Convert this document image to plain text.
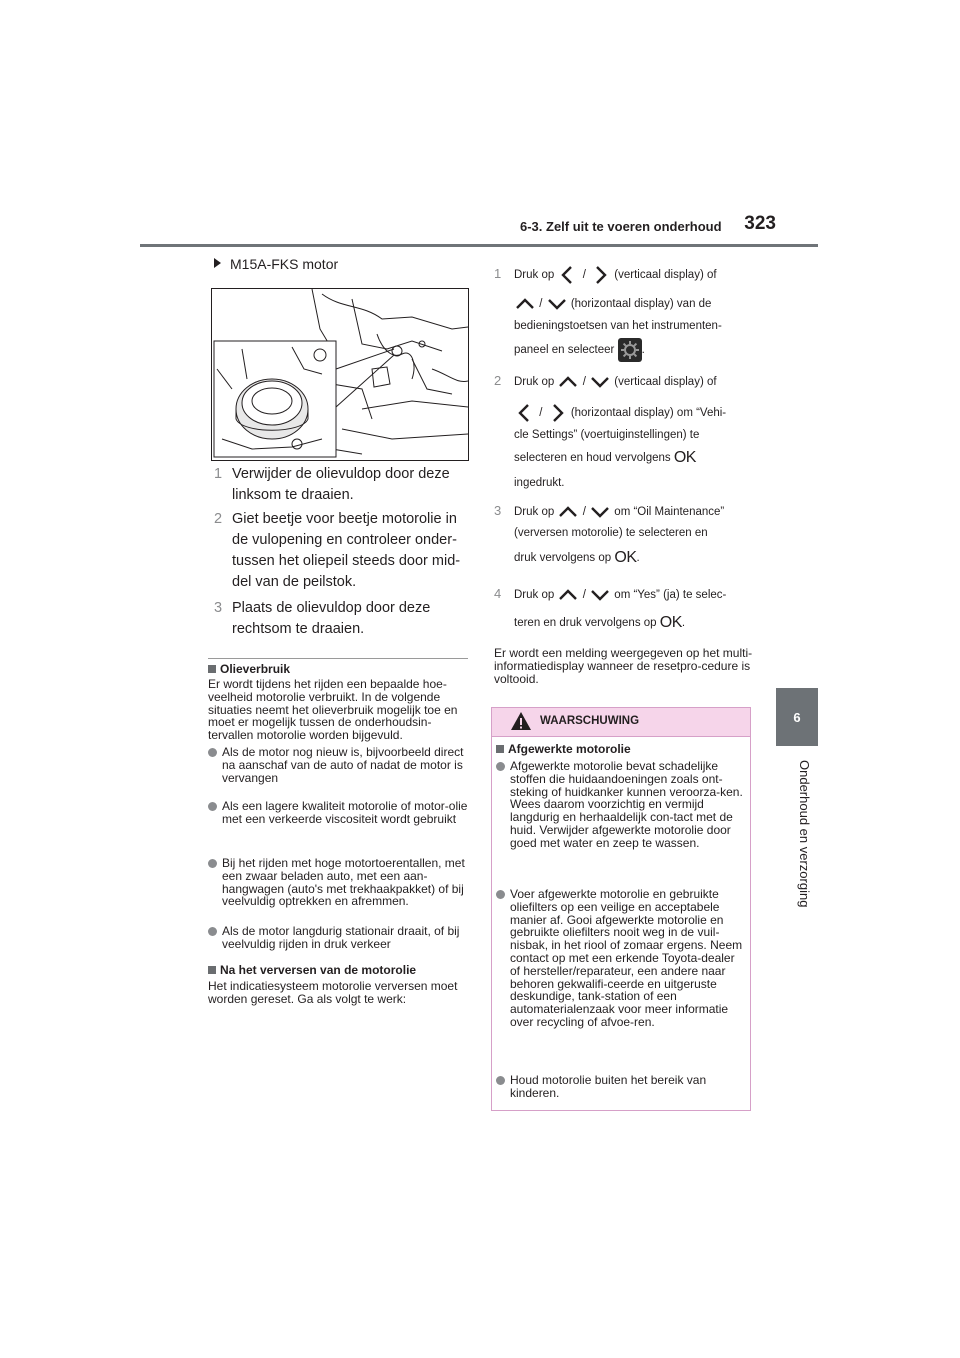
6-3. Zelf uit te voeren onderhoud	323
6
Onderhoud en verzorging
M15A-FKS motor
1 Verwijder de olievuldop door deze linksom te draaien.
2 Giet beetje voor beetje motorolie in de vulopening en controleer onder-tussen het oliepeil steeds door mid-del van de peilstok.
3 Plaats de olievuldop door deze rechtsom te draaien.
Olieverbruik
Er wordt tijdens het rijden een bepaalde hoe-veelheid motorolie verbruikt. In de volgende situaties neemt het olieverbruik mogelijk toe en moet er mogelijk tussen de onderhoudsin-tervallen motorolie worden bijgevuld.
Als de motor nog nieuw is, bijvoorbeeld direct na aanschaf van de auto of nadat de motor is vervangen
Als een lagere kwaliteit motorolie of motor-olie met een verkeerde viscositeit wordt gebruikt
Bij het rijden met hoge motortoerentallen, met een zwaar beladen auto, met een aan-hangwagen (auto's met trekhaakpakket) of bij veelvuldig optrekken en afremmen.
Als de motor langdurig stationair draait, of bij veelvuldig rijden in druk verkeer
Na het verversen van de motorolie
Het indicatiesysteem motorolie verversen moet worden gereset. Ga als volgt te werk:
1 Druk op / (verticaal display) of
/ (horizontaal display) van de
bedieningstoetsen van het instrumenten-
paneel en selecteer .
2 Druk op / (verticaal display) of
/ (horizontaal display) om “Vehi-
cle Settings” (voertuiginstellingen) te
selecteren en houd vervolgens OK
ingedrukt.
3 Druk op / om “Oil Maintenance”
(verversen motorolie) te selecteren en
druk vervolgens op OK.
4 Druk op / om “Yes” (ja) te selec-
teren en druk vervolgens op OK.
Er wordt een melding weergegeven op het multi-informatiedisplay wanneer de resetpro-cedure is voltooid.
WAARSCHUWING
Afgewerkte motorolie
Afgewerkte motorolie bevat schadelijke stoffen die huidaandoeningen zoals ont-steking of huidkanker kunnen veroorza-ken. Wees daarom voorzichtig en vermijd langdurig en herhaaldelijk con-tact met de huid. Verwijder afgewerkte motorolie door goed met water en zeep te wassen.
Voer afgewerkte motorolie en gebruikte oliefilters op een veilige en acceptabele manier af. Gooi afgewerkte motorolie en gebruikte oliefilters nooit weg in de vuil-nisbak, in het riool of zomaar ergens. Neem contact op met een erkende Toyota-dealer of hersteller/reparateur, een andere naar behoren gekwalifi-ceerde en uitgeruste deskundige, tank-station of een automaterialenzaak voor meer informatie over recycling of afvoe-ren.
Houd motorolie buiten het bereik van kinderen.
